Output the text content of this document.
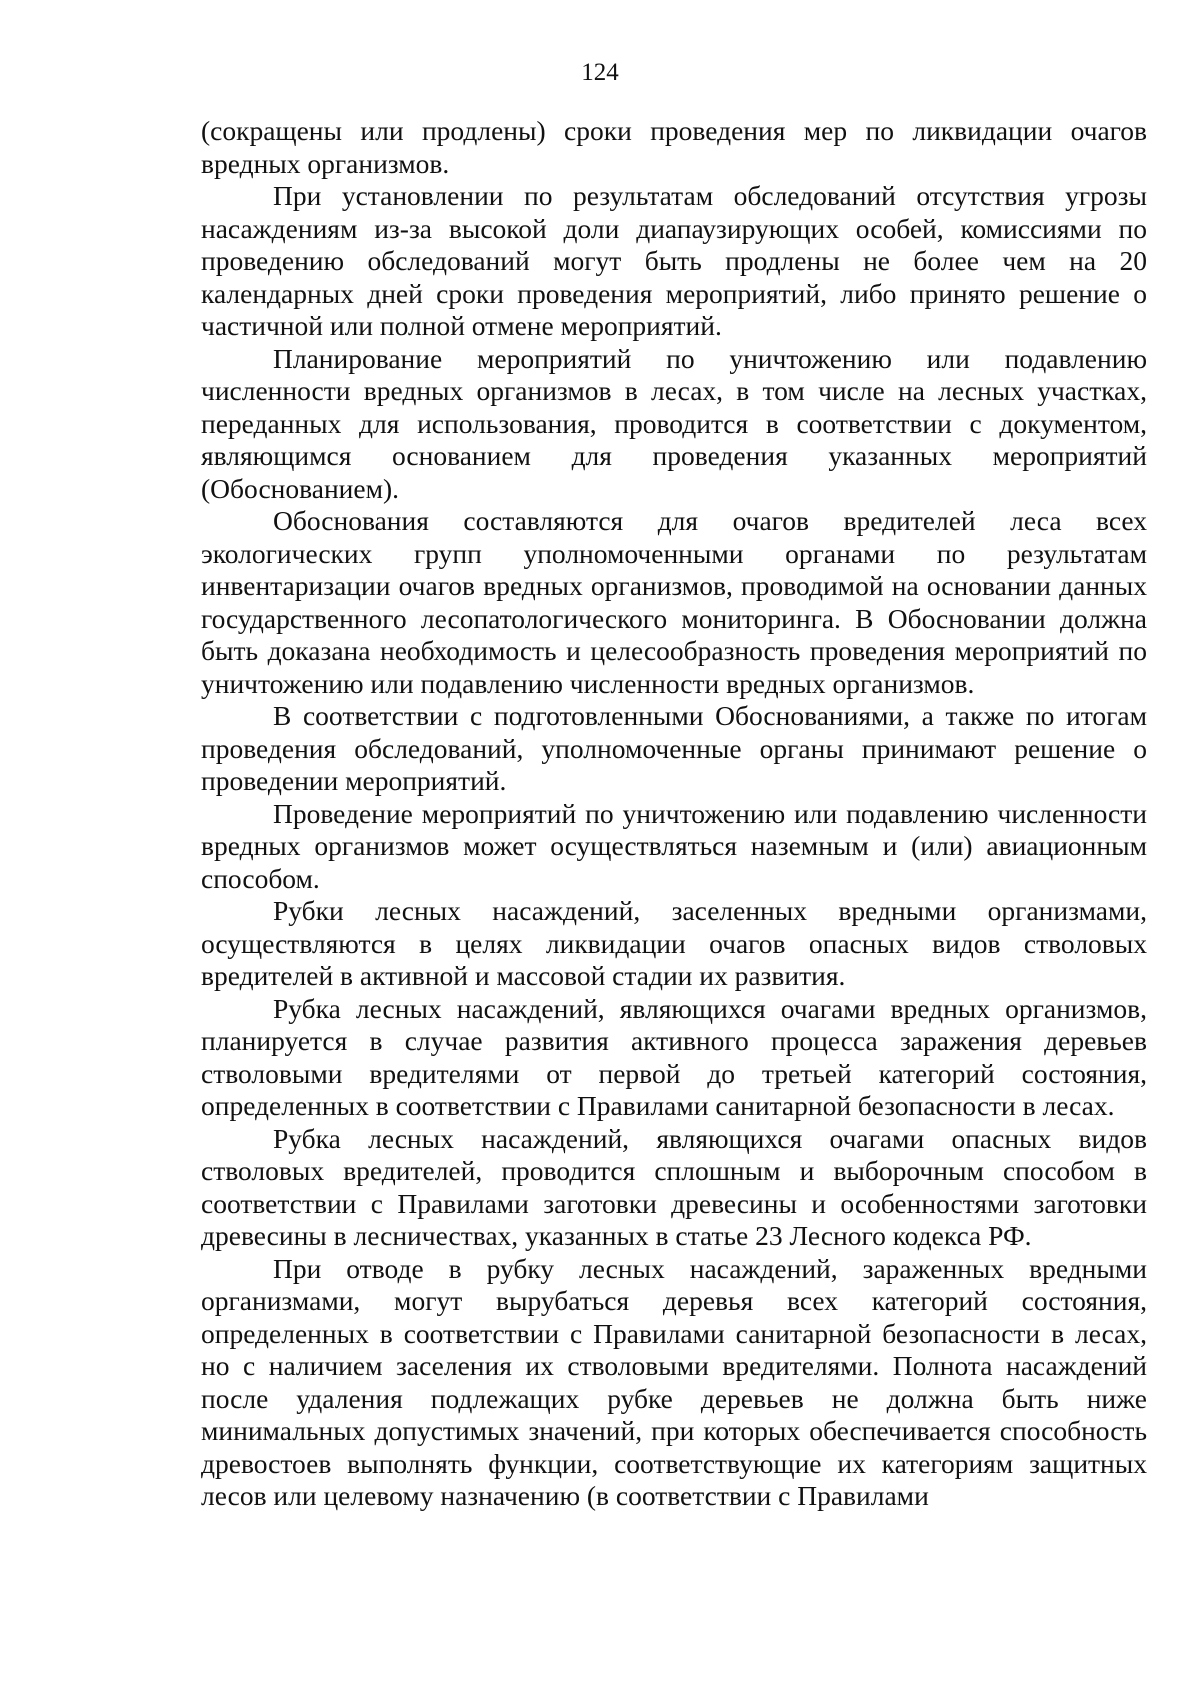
124

(сокращены или продлены) сроки проведения мер по ликвидации очагов вредных организмов.

При установлении по результатам обследований отсутствия угрозы насаждениям из-за высокой доли диапаузирующих особей, комиссиями по проведению обследований могут быть продлены не более чем на 20 календарных дней сроки проведения мероприятий, либо принято решение о частичной или полной отмене мероприятий.

Планирование мероприятий по уничтожению или подавлению численности вредных организмов в лесах, в том числе на лесных участках, переданных для использования, проводится в соответствии с документом, являющимся основанием для проведения указанных мероприятий (Обоснованием).

Обоснования составляются для очагов вредителей леса всех экологических групп уполномоченными органами по результатам инвентаризации очагов вредных организмов, проводимой на основании данных государственного лесопатологического мониторинга. В Обосновании должна быть доказана необходимость и целесообразность проведения мероприятий по уничтожению или подавлению численности вредных организмов.

В соответствии с подготовленными Обоснованиями, а также по итогам проведения обследований, уполномоченные органы принимают решение о проведении мероприятий.

Проведение мероприятий по уничтожению или подавлению численности вредных организмов может осуществляться наземным и (или) авиационным способом.

Рубки лесных насаждений, заселенных вредными организмами, осуществляются в целях ликвидации очагов опасных видов стволовых вредителей в активной и массовой стадии их развития.

Рубка лесных насаждений, являющихся очагами вредных организмов, планируется в случае развития активного процесса заражения деревьев стволовыми вредителями от первой до третьей категорий состояния, определенных в соответствии с Правилами санитарной безопасности в лесах.

Рубка лесных насаждений, являющихся очагами опасных видов стволовых вредителей, проводится сплошным и выборочным способом в соответствии с Правилами заготовки древесины и особенностями заготовки древесины в лесничествах, указанных в статье 23 Лесного кодекса РФ.

При отводе в рубку лесных насаждений, зараженных вредными организмами, могут вырубаться деревья всех категорий состояния, определенных в соответствии с Правилами санитарной безопасности в лесах, но с наличием заселения их стволовыми вредителями. Полнота насаждений после удаления подлежащих рубке деревьев не должна быть ниже минимальных допустимых значений, при которых обеспечивается способность древостоев выполнять функции, соответствующие их категориям защитных лесов или целевому назначению (в соответствии с Правилами
